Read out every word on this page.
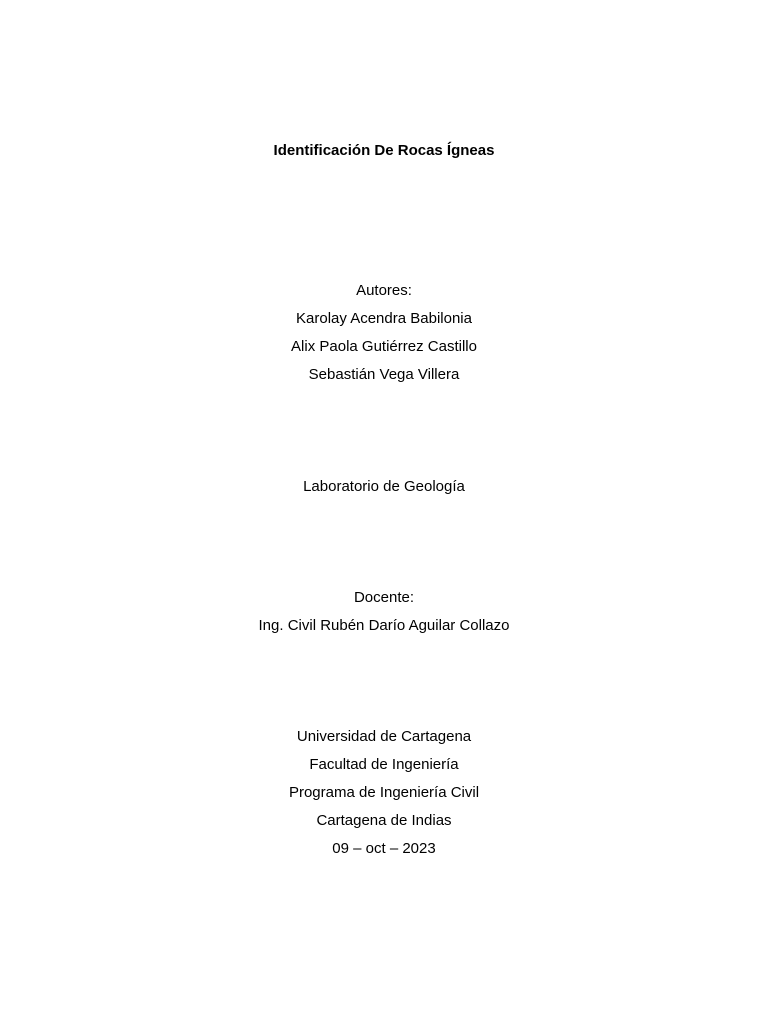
Identificación De Rocas Ígneas
Autores:
Karolay Acendra Babilonia
Alix Paola Gutiérrez Castillo
Sebastián Vega Villera
Laboratorio de Geología
Docente:
Ing. Civil Rubén Darío Aguilar Collazo
Universidad de Cartagena
Facultad de Ingeniería
Programa de Ingeniería Civil
Cartagena de Indias
09 – oct – 2023
